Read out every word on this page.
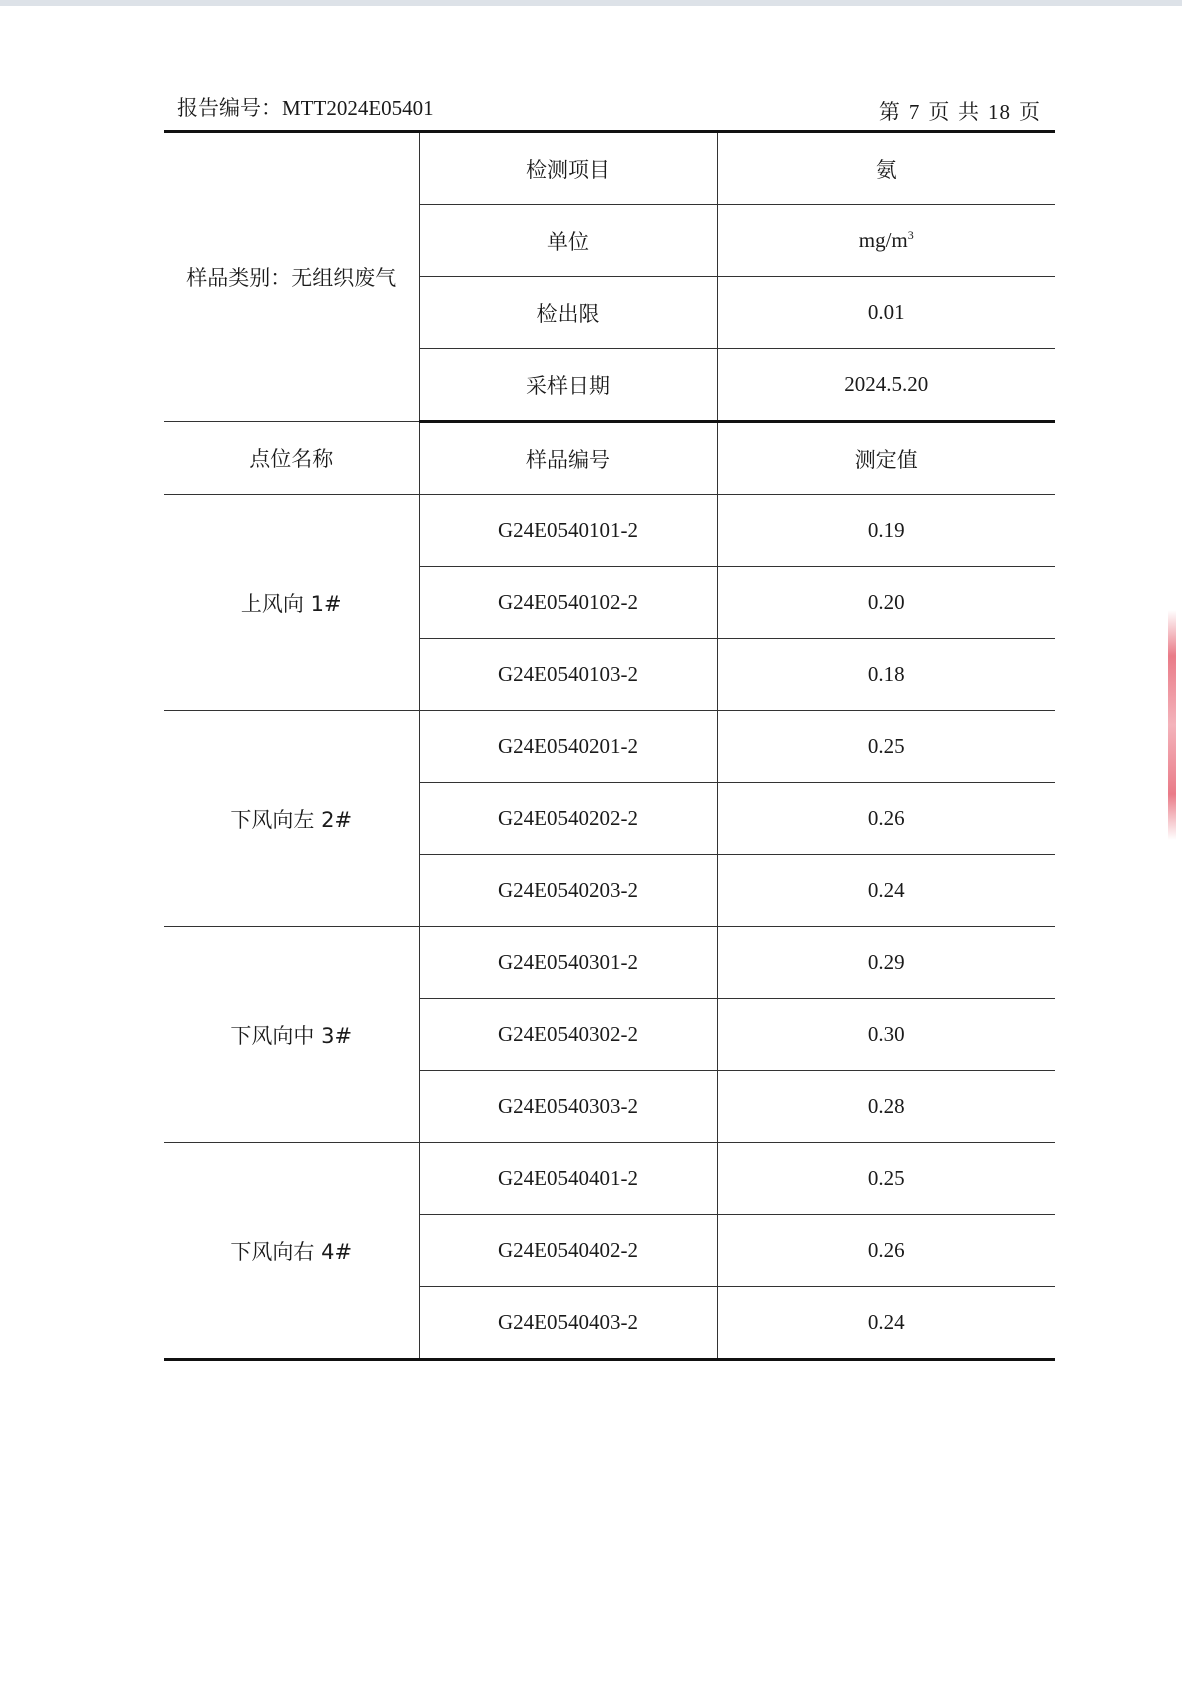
报告编号：MTT2024E05401	第 7 页 共 18 页
样品类别：无组织废气	检测项目	氨
	单位	$mg/m^3$
	检出限	0.01
	采样日期	2024.5.20
点位名称	样品编号	测定值
上风向 1#	G24E0540101-2	0.19
	G24E0540102-2	0.20
	G24E0540103-2	0.18
下风向左 2#	G24E0540201-2	0.25
	G24E0540202-2	0.26
	G24E0540203-2	0.24
下风向中 3#	G24E0540301-2	0.29
	G24E0540302-2	0.30
	G24E0540303-2	0.28
下风向右 4#	G24E0540401-2	0.25
	G24E0540402-2	0.26
	G24E0540403-2	0.24
